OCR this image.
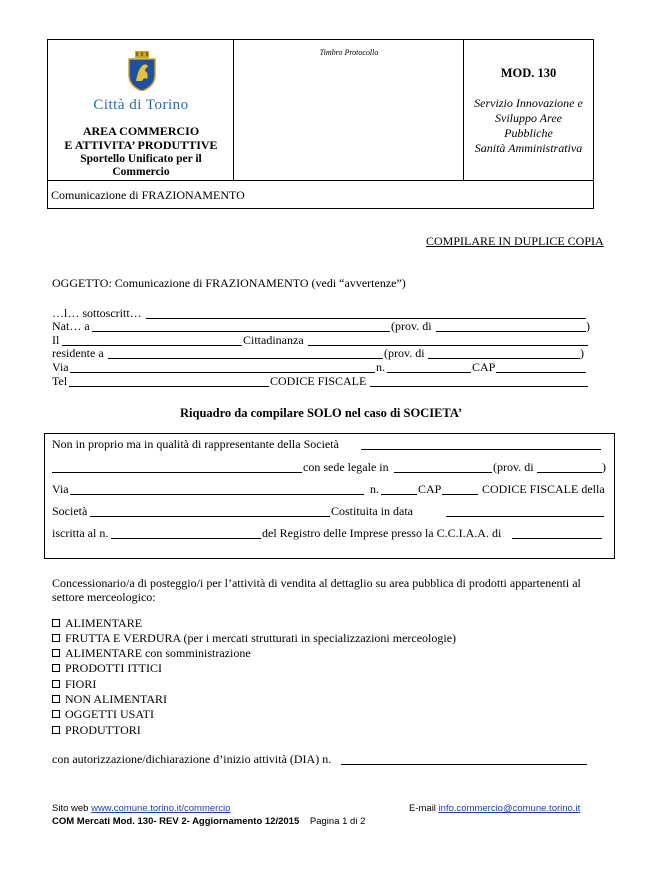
Città di Torino
AREA COMMERCIO
E ATTIVITA’ PRODUTTIVE
Sportello Unificato per il
Commercio
Timbro Protocollo
MOD. 130
Servizio Innovazione e
Sviluppo Aree
Pubbliche
Sanità Amministrativa
Comunicazione di FRAZIONAMENTO
COMPILARE IN DUPLICE COPIA
OGGETTO: Comunicazione di FRAZIONAMENTO (vedi “avvertenze”)
…l… sottoscritt…
Nat… a	(prov. di	)
Il	Cittadinanza
residente a	(prov. di	)
Via	n.	CAP
Tel	CODICE FISCALE
Riquadro da compilare SOLO nel caso di SOCIETA’
Non in proprio ma in qualità di rappresentante della Società
con sede legale in	(prov. di	)
Via	n.	CAP	CODICE FISCALE della
Società	Costituita in data
iscritta al n.	del Registro delle Imprese presso la C.C.I.A.A. di
Concessionario/a di posteggio/i per l’attività di vendita al dettaglio su area pubblica di prodotti appartenenti al
settore merceologico:
ALIMENTARE
FRUTTA E VERDURA (per i mercati strutturati in specializzazioni merceologie)
ALIMENTARE con somministrazione
PRODOTTI ITTICI
FIORI
NON ALIMENTARI
OGGETTI USATI
PRODUTTORI
con autorizzazione/dichiarazione d’inizio attività (DIA) n.
Sito web www.comune.torino.it/commercio	E-mail info.commercio@comune.torino.it
COM Mercati Mod. 130- REV 2- Aggiornamento 12/2015 Pagina 1 di 2
